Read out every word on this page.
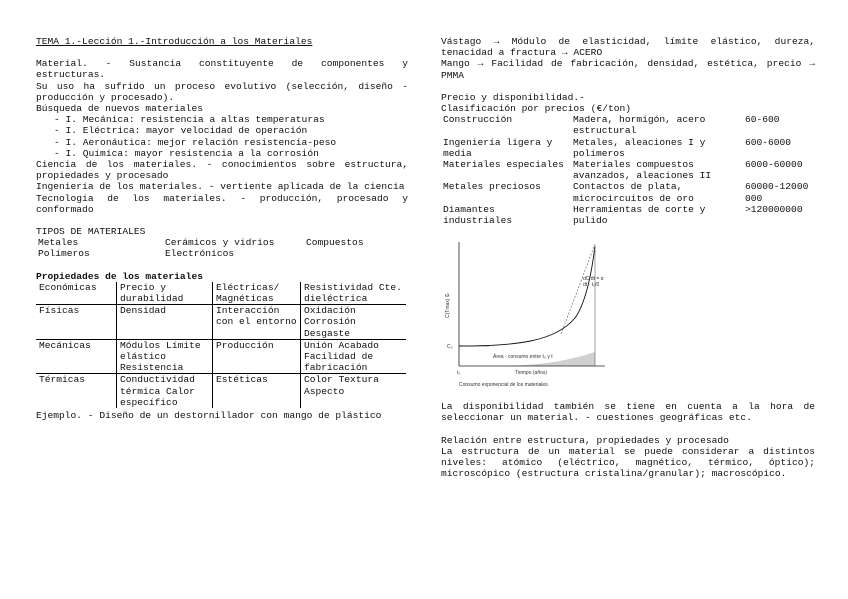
TEMA 1.-Lección 1.-Introducción a los Materiales

Material. - Sustancia constituyente de componentes y estructuras.

Su uso ha sufrido un proceso evolutivo (selección, diseño -producción y procesado).

Búsqueda de nuevos materiales

- I. Mecánica: resistencia a altas temperaturas
- I. Eléctrica: mayor velocidad de operación
- I. Aeronáutica: mejor relación resistencia-peso
- I. Química: mayor resistencia a la corrosión

Ciencia de los materiales. - conocimientos sobre estructura, propiedades y procesado

Ingeniería de los materiales. - vertiente aplicada de la ciencia

Tecnología de los materiales. - producción, procesado y conformado

TIPOS DE MATERIALES

Metales	Cerámicos y vidrios	Compuestos
Polímeros	Electrónicos	

Propiedades de los materiales

Económicas	Precio y durabilidad	Eléctricas/ Magnéticas	Resistividad Cte. dieléctrica
Físicas	Densidad	Interacción con el entorno	Oxidación Corrosión Desgaste
Mecánicas	Módulos Límite elástico Resistencia	Producción	Unión Acabado Facilidad de fabricación
Térmicas	Conductividad térmica Calor específico	Estéticas	Color Textura Aspecto

Ejemplo. - Diseño de un destornillador con mango de plástico

Vástago → Módulo de elasticidad, límite elástico, dureza, tenacidad a fractura → ACERO

Mango → Facilidad de fabricación, densidad, estética, precio → PMMA

Precio y disponibilidad.-

Clasificación por precios (€/ton)

Construcción	Madera, hormigón, acero estructural	60-600
Ingeniería ligera y media	Metales, aleaciones I y polímeros	600-6000
Materiales especiales	Materiales compuestos avanzados, aleaciones II	6000-60000
Metales preciosos	Contactos de plata, microcircuitos de oro	60000-12000000
Diamantes industriales	Herramientas de corte y pulido	>120000000
C(Tmax) ₲
C₀
t₀	Tiempo (años)
Área - consumo entre t₀ y t
dC/dt = α
dt · t₀/0
Consumo exponencial de los materiales.

La disponibilidad también se tiene en cuenta a la hora de seleccionar un material. - cuestiones geográficas etc.

Relación entre estructura, propiedades y procesado

La estructura de un material se puede considerar a distintos niveles: atómico (eléctrico, magnético, térmico, óptico); microscópico (estructura cristalina/granular); macroscópico.
